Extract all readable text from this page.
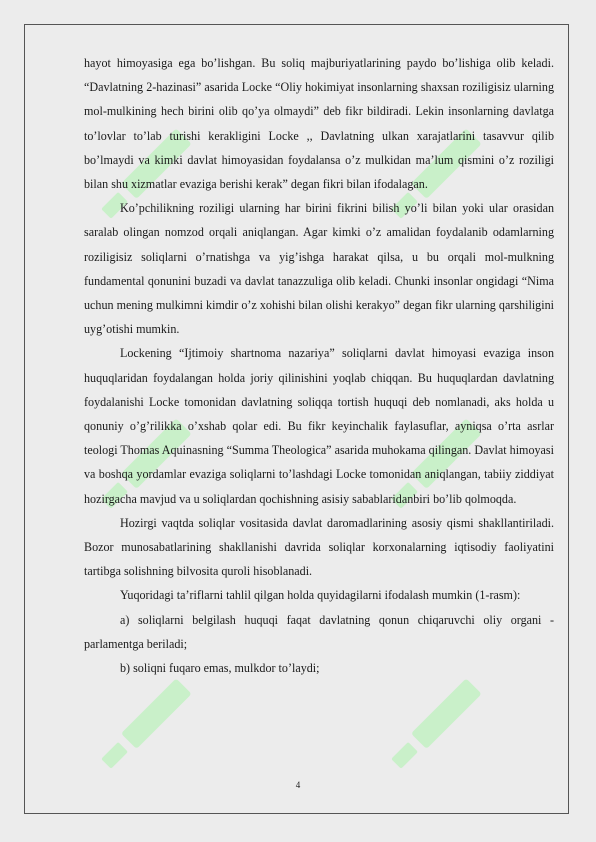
hayot himoyasiga ega bo’lishgan. Bu soliq majburiyatlarining paydo bo’lishiga olib keladi. “Davlatning 2-hazinasi” asarida Locke “Oliy hokimiyat insonlarning shaxsan roziligisiz ularning mol-mulkining hech birini olib qo’ya olmaydi” deb fikr bildiradi. Lekin insonlarning davlatga to’lovlar to’lab turishi kerakligini Locke ,, Davlatning ulkan xarajatlarini tasavvur qilib bo’lmaydi va kimki davlat himoyasidan foydalansa o’z mulkidan ma’lum qismini o’z roziligi bilan shu xizmatlar evaziga berishi kerak” degan fikri bilan ifodalagan.

Ko’pchilikning roziligi ularning har birini fikrini bilish yo’li bilan yoki ular orasidan saralab olingan nomzod orqali aniqlangan. Agar kimki o’z amalidan foydalanib odamlarning roziligisiz soliqlarni o’rnatishga va yig’ishga harakat qilsa, u bu orqali mol-mulkning fundamental qonunini buzadi va davlat tanazzuliga olib keladi. Chunki insonlar ongidagi “Nima uchun mening mulkimni kimdir o’z xohishi bilan olishi kerakyo” degan fikr ularning qarshiligini uyg’otishi mumkin.

Lockening “Ijtimoiy shartnoma nazariya” soliqlarni davlat himoyasi evaziga inson huquqlaridan foydalangan holda joriy qilinishini yoqlab chiqqan. Bu huquqlardan davlatning foydalanishi Locke tomonidan davlatning soliqqa tortish huquqi deb nomlanadi, aks holda u qonuniy o’g’rilikka o’xshab qolar edi. Bu fikr keyinchalik faylasuflar, ayniqsa o’rta asrlar teologi Thomas Aquinasning “Summa Theologica” asarida muhokama qilingan. Davlat himoyasi va boshqa yordamlar evaziga soliqlarni to’lashdagi Locke tomonidan aniqlangan, tabiiy ziddiyat hozirgacha mavjud va u soliqlardan qochishning asisiy sabablaridanbiri bo’lib qolmoqda.

Hozirgi vaqtda soliqlar vositasida davlat daromadlarining asosiy qismi shakllantiriladi. Bozor munosabatlarining shakllanishi davrida soliqlar korxonalarning iqtisodiy faoliyatini tartibga solishning bilvosita quroli hisoblanadi.

Yuqoridagi ta’riflarni tahlil qilgan holda quyidagilarni ifodalash mumkin (1-rasm):

a) soliqlarni belgilash huquqi faqat davlatning qonun chiqaruvchi oliy organi - parlamentga beriladi;

b) soliqni fuqaro emas, mulkdor to’laydi;

4
